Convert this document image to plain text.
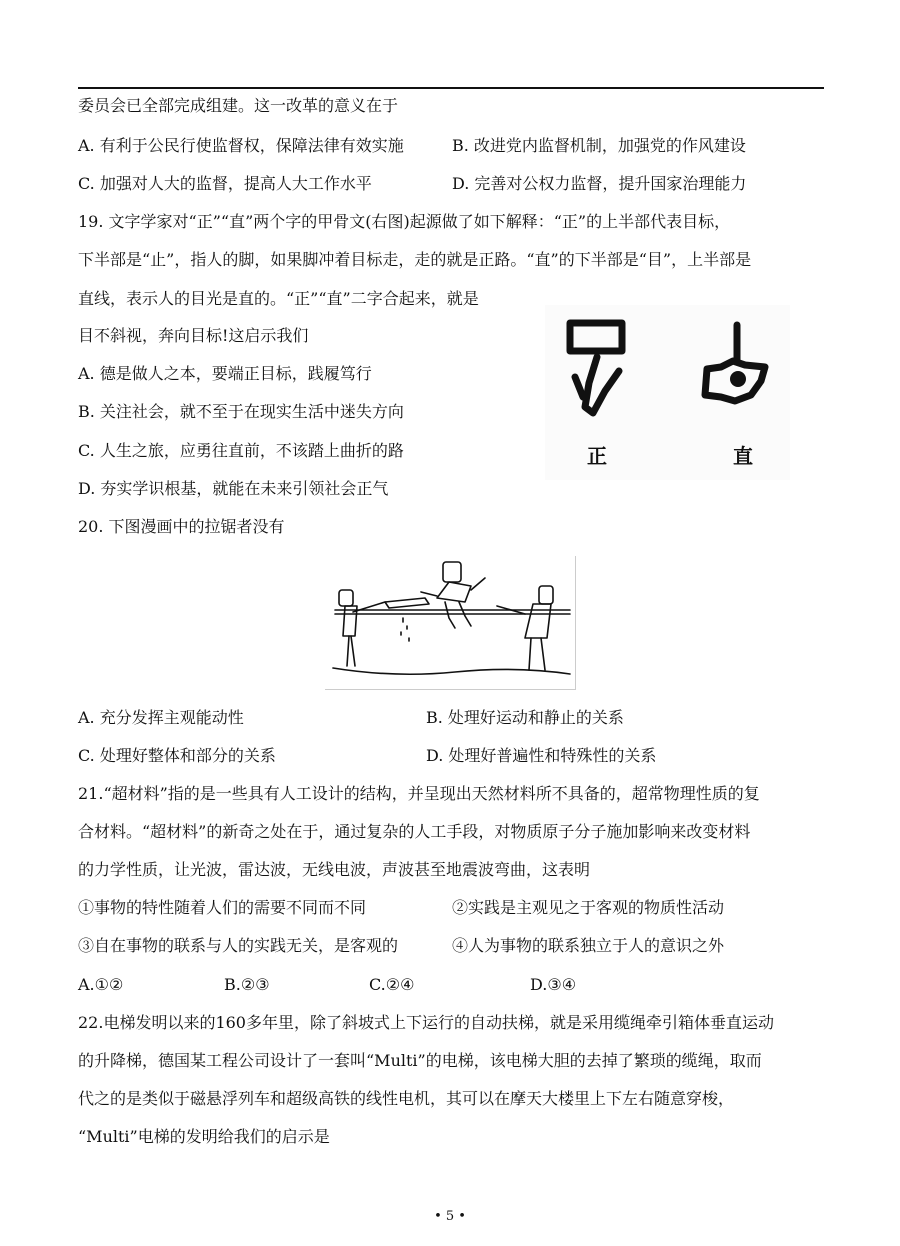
委员会已全部完成组建。这一改革的意义在于
A. 有利于公民行使监督权，保障法律有效实施	B. 改进党内监督机制，加强党的作风建设
C. 加强对人大的监督，提高人大工作水平	D. 完善对公权力监督，提升国家治理能力
19. 文字学家对“正”“直”两个字的甲骨文(右图)起源做了如下解释：“正”的上半部代表目标，
下半部是“止”，指人的脚，如果脚冲着目标走，走的就是正路。“直”的下半部是“目”，上半部是
直线，表示人的目光是直的。“正”“直”二字合起来，就是
目不斜视，奔向目标!这启示我们
A. 德是做人之本，要端正目标，践履笃行
B. 关注社会，就不至于在现实生活中迷失方向
C. 人生之旅，应勇往直前，不该踏上曲折的路
D. 夯实学识根基，就能在未来引领社会正气
正	直
20. 下图漫画中的拉锯者没有
A. 充分发挥主观能动性	B. 处理好运动和静止的关系
C. 处理好整体和部分的关系	D. 处理好普遍性和特殊性的关系
21.“超材料”指的是一些具有人工设计的结构，并呈现出天然材料所不具备的，超常物理性质的复
合材料。“超材料”的新奇之处在于，通过复杂的人工手段，对物质原子分子施加影响来改变材料
的力学性质，让光波，雷达波，无线电波，声波甚至地震波弯曲，这表明
①事物的特性随着人们的需要不同而不同	②实践是主观见之于客观的物质性活动
③自在事物的联系与人的实践无关，是客观的	④人为事物的联系独立于人的意识之外
A.①②	B.②③	C.②④	D.③④
22.电梯发明以来的160多年里，除了斜坡式上下运行的自动扶梯，就是采用缆绳牵引箱体垂直运动
的升降梯，德国某工程公司设计了一套叫“Multi”的电梯，该电梯大胆的去掉了繁琐的缆绳，取而
代之的是类似于磁悬浮列车和超级高铁的线性电机，其可以在摩天大楼里上下左右随意穿梭，
“Multi”电梯的发明给我们的启示是
• 5 •
